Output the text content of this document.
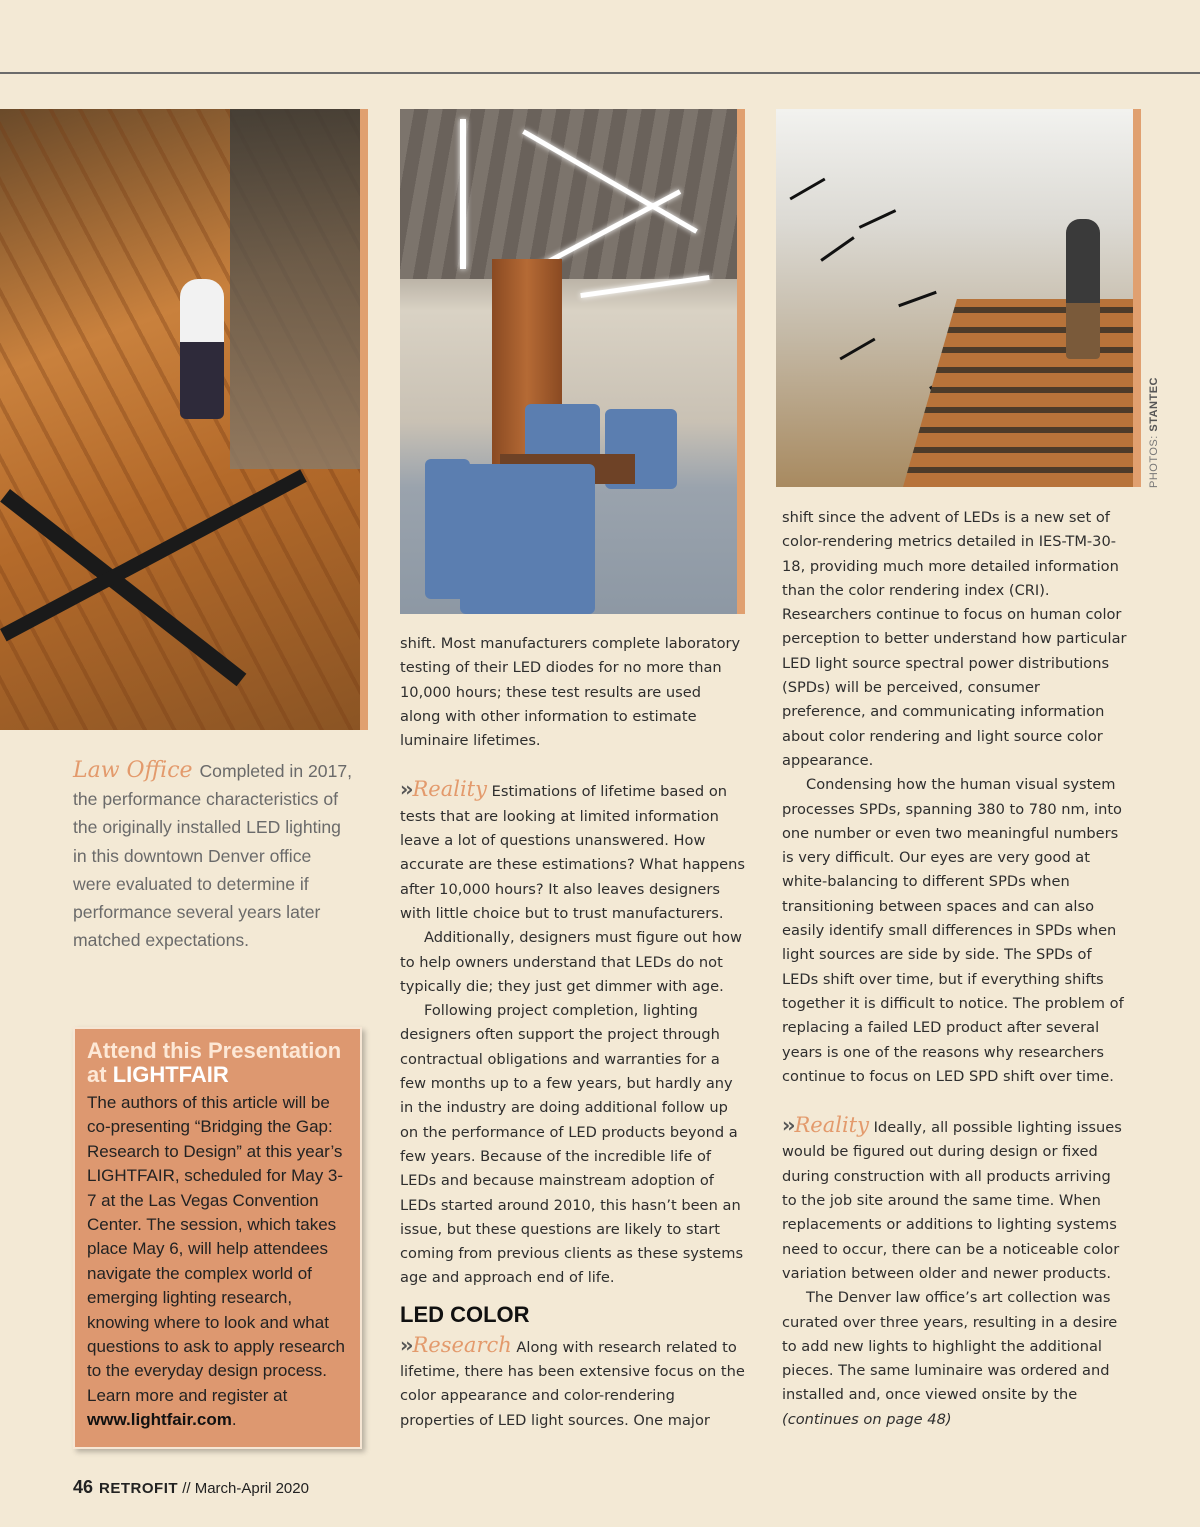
PHOTOS: STANTEC
Law Office Completed in 2017, the performance characteristics of the originally installed LED lighting in this downtown Denver office were evaluated to determine if performance several years later matched expectations.
Attend this Presentation
at LIGHTFAIR
The authors of this article will be co-presenting “Bridging the Gap: Research to Design” at this year’s LIGHTFAIR, scheduled for May 3-7 at the Las Vegas Convention Center. The session, which takes place May 6, will help attendees navigate the complex world of emerging lighting research, knowing where to look and what questions to ask to apply research to the everyday design process. Learn more and register at www.lightfair.com.

shift. Most manufacturers complete laboratory testing of their LED diodes for no more than 10,000 hours; these test results are used along with other information to estimate luminaire lifetimes.

››Reality Estimations of lifetime based on tests that are looking at limited information leave a lot of questions unanswered. How accurate are these estimations? What happens after 10,000 hours? It also leaves designers with little choice but to trust manufacturers.

Additionally, designers must figure out how to help owners understand that LEDs do not typically die; they just get dimmer with age.

Following project completion, lighting designers often support the project through contractual obligations and warranties for a few months up to a few years, but hardly any in the industry are doing additional follow up on the performance of LED products beyond a few years. Because of the incredible life of LEDs and because mainstream adoption of LEDs started around 2010, this hasn’t been an issue, but these questions are likely to start coming from previous clients as these systems age and approach end of life.

LED COLOR

››Research Along with research related to lifetime, there has been extensive focus on the color appearance and color-rendering properties of LED light sources. One major

shift since the advent of LEDs is a new set of color-rendering metrics detailed in IES-TM-30-18, providing much more detailed information than the color rendering index (CRI). Researchers continue to focus on human color perception to better understand how particular LED light source spectral power distributions (SPDs) will be perceived, consumer preference, and communicating information about color rendering and light source color appearance.

Condensing how the human visual system processes SPDs, spanning 380 to 780 nm, into one number or even two meaningful numbers is very difficult. Our eyes are very good at white-balancing to different SPDs when transitioning between spaces and can also easily identify small differences in SPDs when light sources are side by side. The SPDs of LEDs shift over time, but if everything shifts together it is difficult to notice. The problem of replacing a failed LED product after several years is one of the reasons why researchers continue to focus on LED SPD shift over time.

››Reality Ideally, all possible lighting issues would be figured out during design or fixed during construction with all products arriving to the job site around the same time. When replacements or additions to lighting systems need to occur, there can be a noticeable color variation between older and newer products.

The Denver law office’s art collection was curated over three years, resulting in a desire to add new lights to highlight the additional pieces. The same luminaire was ordered and installed and, once viewed onsite by the

(continues on page 48)

46 RETROFIT // March-April 2020
